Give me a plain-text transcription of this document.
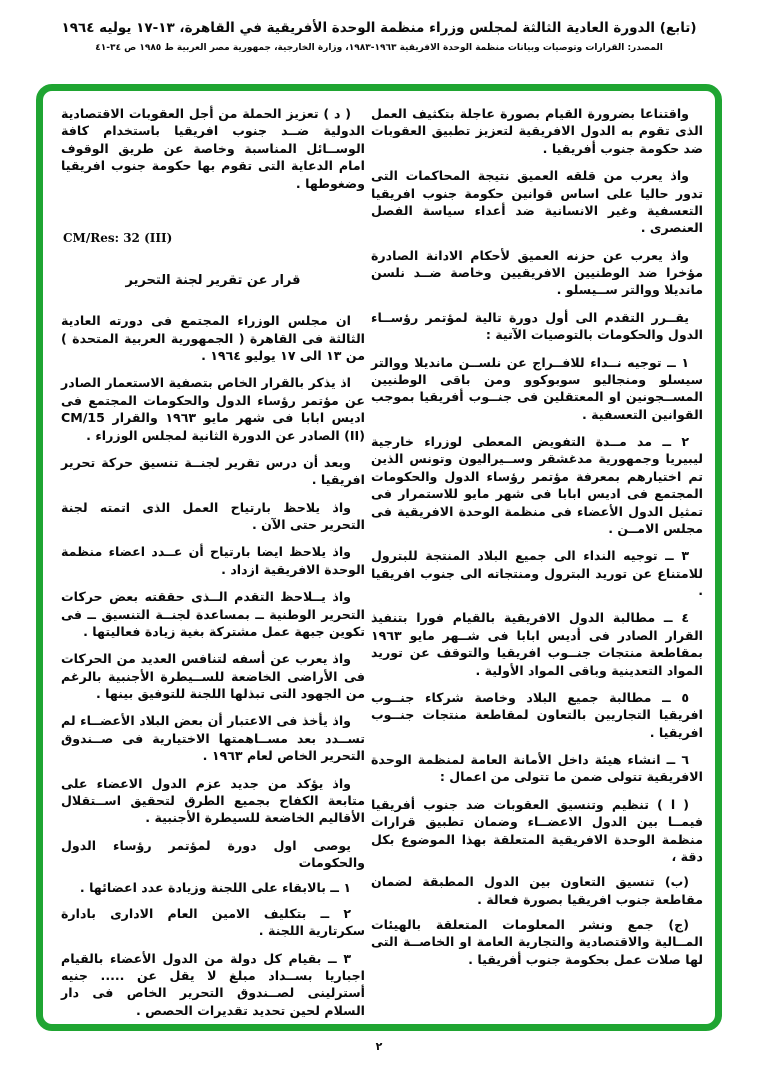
(تابع) الدورة العادية الثالثة لمجلس وزراء منظمة الوحدة الأفريقية في القاهرة، ١٣-١٧ يوليه ١٩٦٤
المصدر: القرارات وتوصيات وبيانات منظمة الوحدة الافريقية ١٩٦٣-١٩٨٣، وزارة الخارجية، جمهورية مصر العربية ط ١٩٨٥ ص ٣٤-٤١

واقتناعا بضرورة القيام بصورة عاجلة بتكثيف العمل الذى تقوم به الدول الافريقية لتعزيز تطبيق العقوبات ضد حكومة جنوب أفريقيا .

واذ يعرب من قلقه العميق نتيجة المحاكمات التى تدور حاليا على اساس قوانين حكومة جنوب افريقيا التعسفية وغير الانسانية ضد أعداء سياسة الفصل العنصرى .

واذ يعرب عن حزنه العميق لأحكام الادانة الصادرة مؤخرا ضد الوطنيين الافريقيين وخاصة ضــد نلسن مانديلا ووالتر ســيسلو .

يقــرر التقدم الى أول دورة تالية لمؤتمر رؤســاء الدول والحكومات بالتوصيات الآتية :

١ ــ توجيه نــداء للافــراج عن نلســن مانديلا ووالتر سيسلو ومنجاليو سوبوكوو ومن باقى الوطنيين المســجونين او المعتقلين فى جنــوب أفريقيا بموجب القوانين التعسفية .

٢ ــ مد مــدة التفويض المعطى لوزراء خارجية ليبيريا وجمهورية مدغشقر وســيراليون وتونس الذين تم اختيارهم بمعرفة مؤتمر رؤساء الدول والحكومات المجتمع فى اديس ابابا فى شهر مايو للاستمرار فى تمثيل الدول الأعضاء فى منظمة الوحدة الافريقية فى مجلس الامــن .

٣ ــ توجيه النداء الى جميع البلاد المنتجة للبترول للامتناع عن توريد البترول ومنتجاته الى جنوب افريقيا .

٤ ــ مطالبة الدول الافريقية بالقيام فورا بتنفيذ القرار الصادر فى أديس ابابا فى شــهر مايو ١٩٦٣ بمقاطعة منتجات جنــوب افريقيا والتوقف عن توريد المواد التعدينية وباقى المواد الأولية .

٥ ــ مطالبة جميع البلاد وخاصة شركاء جنــوب افريقيا التجاريين بالتعاون لمقاطعة منتجات جنــوب افريقيا .

٦ ــ انشاء هيئة داخل الأمانة العامة لمنظمة الوحدة الافريقية تتولى ضمن ما تتولى من اعمال :

( ا ) تنظيم وتنسيق العقوبات ضد جنوب أفريقيا فيمــا بين الدول الاعضــاء وضمان تطبيق قرارات منظمة الوحدة الافريقية المتعلقة بهذا الموضوع بكل دقة ،

(ب) تنسيق التعاون بين الدول المطبقة لضمان مقاطعة جنوب افريقيا بصورة فعالة .

(ج) جمع ونشر المعلومات المتعلقة بالهيئات المــالية والاقتصادية والتجارية العامة او الخاصــة التى لها صلات عمل بحكومة جنوب أفريقيا .

( د ) تعزيز الحملة من أجل العقوبات الاقتصادية الدولية ضــد جنوب افريقيا باستخدام كافة الوســائل المناسبة وخاصة عن طريق الوقوف امام الدعاية التى تقوم بها حكومة جنوب افريقيا وضغوطها .

CM/Res: 32 (III)
قرار عن تقرير لجنة التحرير

ان مجلس الوزراء المجتمع فى دورته العادية الثالثة فى القاهرة ( الجمهورية العربية المتحدة ) من ١٣ الى ١٧ يوليو ١٩٦٤ .

اذ يذكر بالقرار الخاص بتصفية الاستعمار الصادر عن مؤتمر رؤساء الدول والحكومات المجتمع فى اديس ابابا فى شهر مايو ١٩٦٣ والقرار CM/15 (II) الصادر عن الدورة الثانية لمجلس الوزراء .

وبعد أن درس تقرير لجنــة تنسيق حركة تحرير افريقيا .

واذ يلاحظ بارتياح العمل الذى اتمته لجنة التحرير حتى الآن .

واذ يلاحظ ايضا بارتياح أن عــدد اعضاء منظمة الوحدة الافريقية ازداد .

واذ يــلاحظ التقدم الــذى حققته بعض حركات التحرير الوطنية ــ بمساعدة لجنــة التنسيق ــ فى تكوين جبهة عمل مشتركة بغية زيادة فعاليتها .

واذ يعرب عن أسفه لتنافس العديد من الحركات فى الأراضى الخاضعة للســيطرة الأجنبية بالرغم من الجهود التى تبذلها اللجنة للتوفيق بينها .

واذ يأخذ فى الاعتبار أن بعض البلاد الأعضــاء لم تســدد بعد مســاهمتها الاختيارية فى صــندوق التحرير الخاص لعام ١٩٦٣ .

واذ يؤكد من جديد عزم الدول الاعضاء على متابعة الكفاح بجميع الطرق لتحقيق اســتقلال الأقاليم الخاضعة للسيطرة الأجنبية .

يوصى اول دورة لمؤتمر رؤساء الدول والحكومات

١ ــ بالابقاء على اللجنة وزيادة عدد اعضائها .

٢ ــ بتكليف الامين العام الادارى بادارة سكرتارية اللجنة .

٣ ــ بقيام كل دولة من الدول الأعضاء بالقيام اجباريا بســداد مبلغ لا يقل عن ..... جنيه أسترلينى لصــندوق التحرير الخاص فى دار السلام لحين تحديد تقديرات الحصص .

٢
